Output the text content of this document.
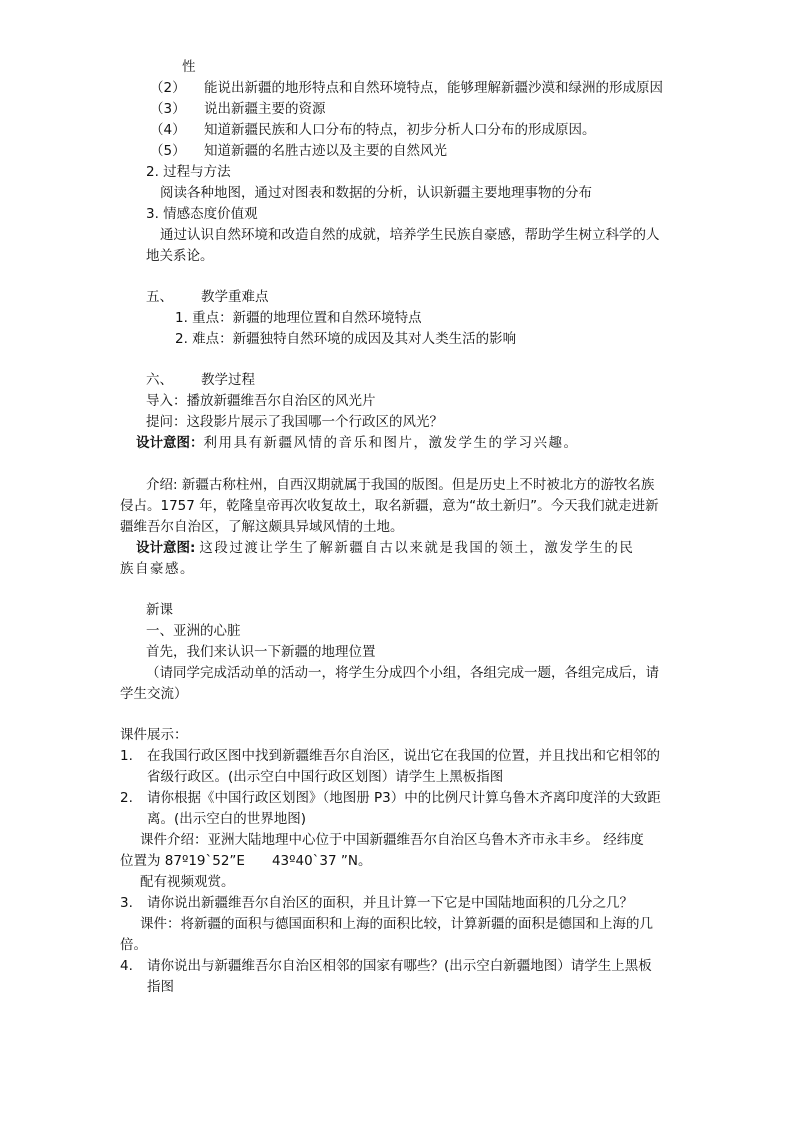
性
（2） 能说出新疆的地形特点和自然环境特点，能够理解新疆沙漠和绿洲的形成原因
（3） 说出新疆主要的资源
（4） 知道新疆民族和人口分布的特点，初步分析人口分布的形成原因。
（5） 知道新疆的名胜古迹以及主要的自然风光
2. 过程与方法
阅读各种地图，通过对图表和数据的分析，认识新疆主要地理事物的分布
3. 情感态度价值观
通过认识自然环境和改造自然的成就，培养学生民族自豪感，帮助学生树立科学的人
地关系论。
五、 教学重难点
1. 重点：新疆的地理位置和自然环境特点
2. 难点：新疆独特自然环境的成因及其对人类生活的影响
六、 教学过程
导入：播放新疆维吾尔自治区的风光片
提问：这段影片展示了我国哪一个行政区的风光？
设计意图：利用具有新疆风情的音乐和图片，激发学生的学习兴趣。
介绍: 新疆古称柱州，自西汉期就属于我国的版图。但是历史上不时被北方的游牧名族
侵占。1757 年，乾隆皇帝再次收复故土，取名新疆，意为“故土新归”。今天我们就走进新
疆维吾尔自治区，了解这颇具异域风情的土地。
设计意图: 这段过渡让学生了解新疆自古以来就是我国的领土，激发学生的民
族自豪感。
新课
一、亚洲的心脏
首先，我们来认识一下新疆的地理位置
（请同学完成活动单的活动一，将学生分成四个小组，各组完成一题，各组完成后，请
学生交流）
课件展示：
1. 在我国行政区图中找到新疆维吾尔自治区，说出它在我国的位置，并且找出和它相邻的
省级行政区。(出示空白中国行政区划图）请学生上黑板指图
2. 请你根据《中国行政区划图》（地图册 P3）中的比例尺计算乌鲁木齐离印度洋的大致距
离。(出示空白的世界地图)
课件介绍：亚洲大陆地理中心位于中国新疆维吾尔自治区乌鲁木齐市永丰乡。 经纬度
位置为 87º19`52”E　　43º40`37 ”N。
配有视频观赏。
3. 请你说出新疆维吾尔自治区的面积，并且计算一下它是中国陆地面积的几分之几？
课件：将新疆的面积与德国面积和上海的面积比较，计算新疆的面积是德国和上海的几
倍。
4. 请你说出与新疆维吾尔自治区相邻的国家有哪些？(出示空白新疆地图）请学生上黑板
指图
